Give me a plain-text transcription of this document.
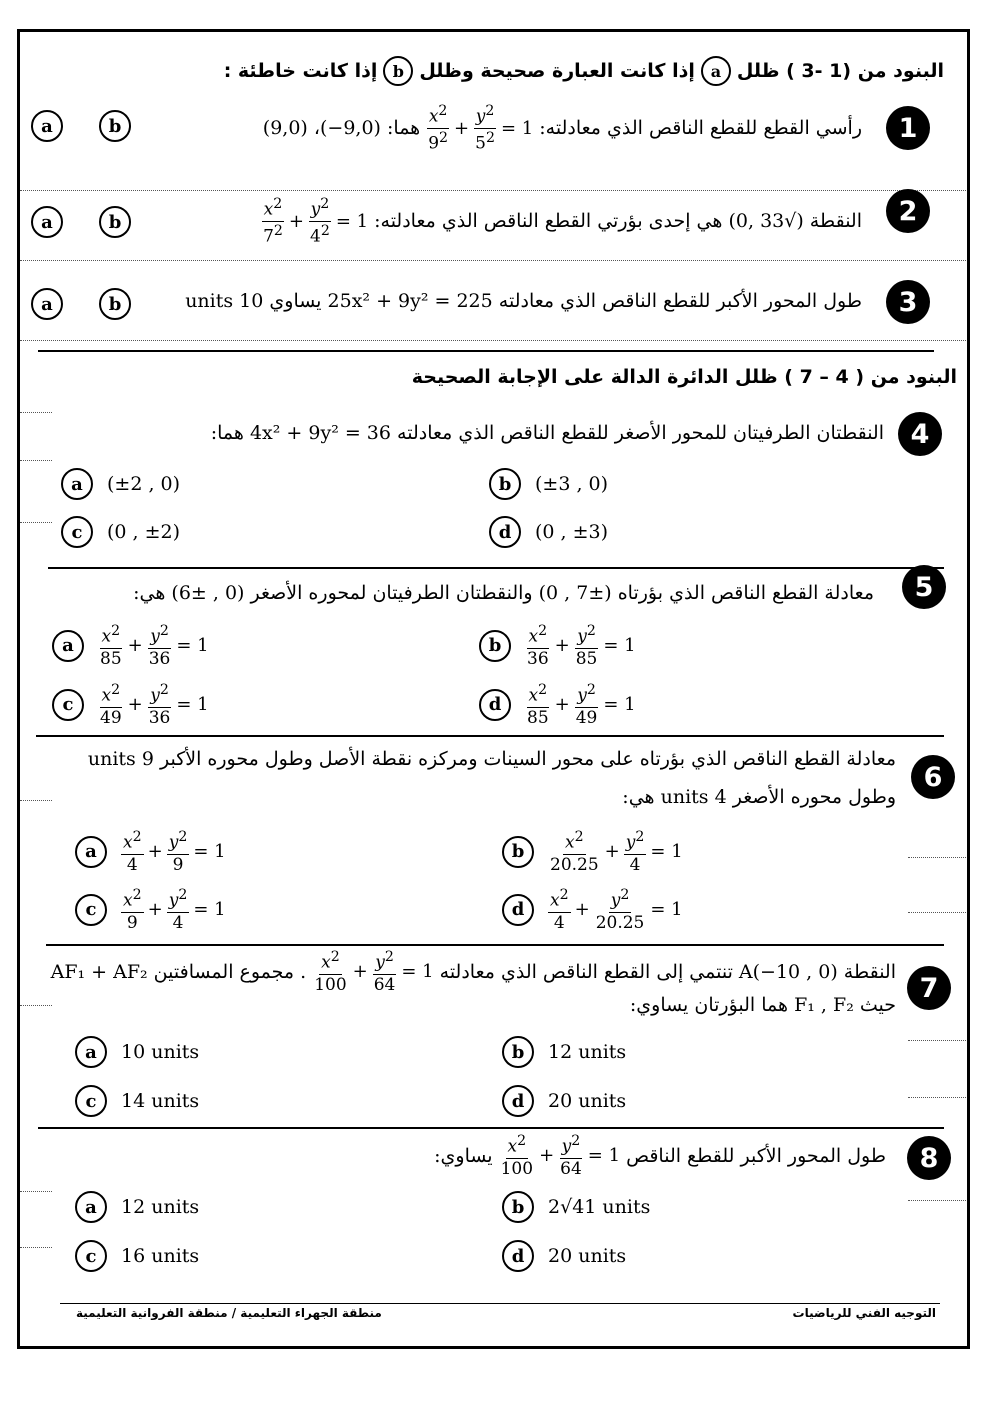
البنود من (1 -3 ) ظلل
a
إذا كانت العبارة صحيحة وظلل
b
إذا كانت خاطئة :
1
رأسي القطع للقطع الناقص الذي معادلته:
$\frac{x^2}{9^2} + \frac{y^2}{5^2} = 1$
هما: (9,0−)، (9,0)
a	b
2
النقطة (√33 ,0) هي إحدى بؤرتي القطع الناقص الذي معادلته:
$\frac{x^2}{7^2} + \frac{y^2}{4^2} = 1$
a	b
3
طول المحور الأكبر للقطع الناقص الذي معادلته 25x² + 9y² = 225 يساوي 10 units
a	b
البنود من ( 4 – 7 ) ظلل الدائرة الدالة على الإجابة الصحيحة
4
النقطتان الطرفيتان للمحور الأصغر للقطع الناقص الذي معادلته 4x² + 9y² = 36 هما:
a	(±2 , 0)	b	(±3 , 0)
c	(0 , ±2)	d	(0 , ±3)
5
معادلة القطع الناقص الذي بؤرتاه (±7 , 0) والنقطتان الطرفيتان لمحوره الأصغر (0 , ±6) هي:
a	$\frac{x^2}{85} + \frac{y^2}{36} = 1$	b	$\frac{x^2}{36} + \frac{y^2}{85} = 1$
c	$\frac{x^2}{49} + \frac{y^2}{36} = 1$	d	$\frac{x^2}{85} + \frac{y^2}{49} = 1$
6
معادلة القطع الناقص الذي بؤرتاه على محور السينات ومركزه نقطة الأصل وطول محوره الأكبر 9 units
وطول محوره الأصغر 4 units هي:
a	$\frac{x^2}{4} + \frac{y^2}{9} = 1$	b	$\frac{x^2}{20.25} + \frac{y^2}{4} = 1$
c	$\frac{x^2}{9} + \frac{y^2}{4} = 1$	d	$\frac{x^2}{4} + \frac{y^2}{20.25} = 1$
7
النقطة A(−10 , 0) تنتمي إلى القطع الناقص الذي معادلته
$\frac{x^2}{100} + \frac{y^2}{64} = 1$
. مجموع المسافتين AF₁ + AF₂
حيث F₁ , F₂ هما البؤرتان يساوي:
a	10 units	b	12 units
c	14 units	d	20 units
8
طول المحور الأكبر للقطع الناقص
$\frac{x^2}{100} + \frac{y^2}{64} = 1$
يساوي:
a	12 units	b	2√41 units
c	16 units	d	20 units
التوجيه الفني للرياضيات
منطقة الجهراء التعليمية / منطقة الفروانية التعليمية
